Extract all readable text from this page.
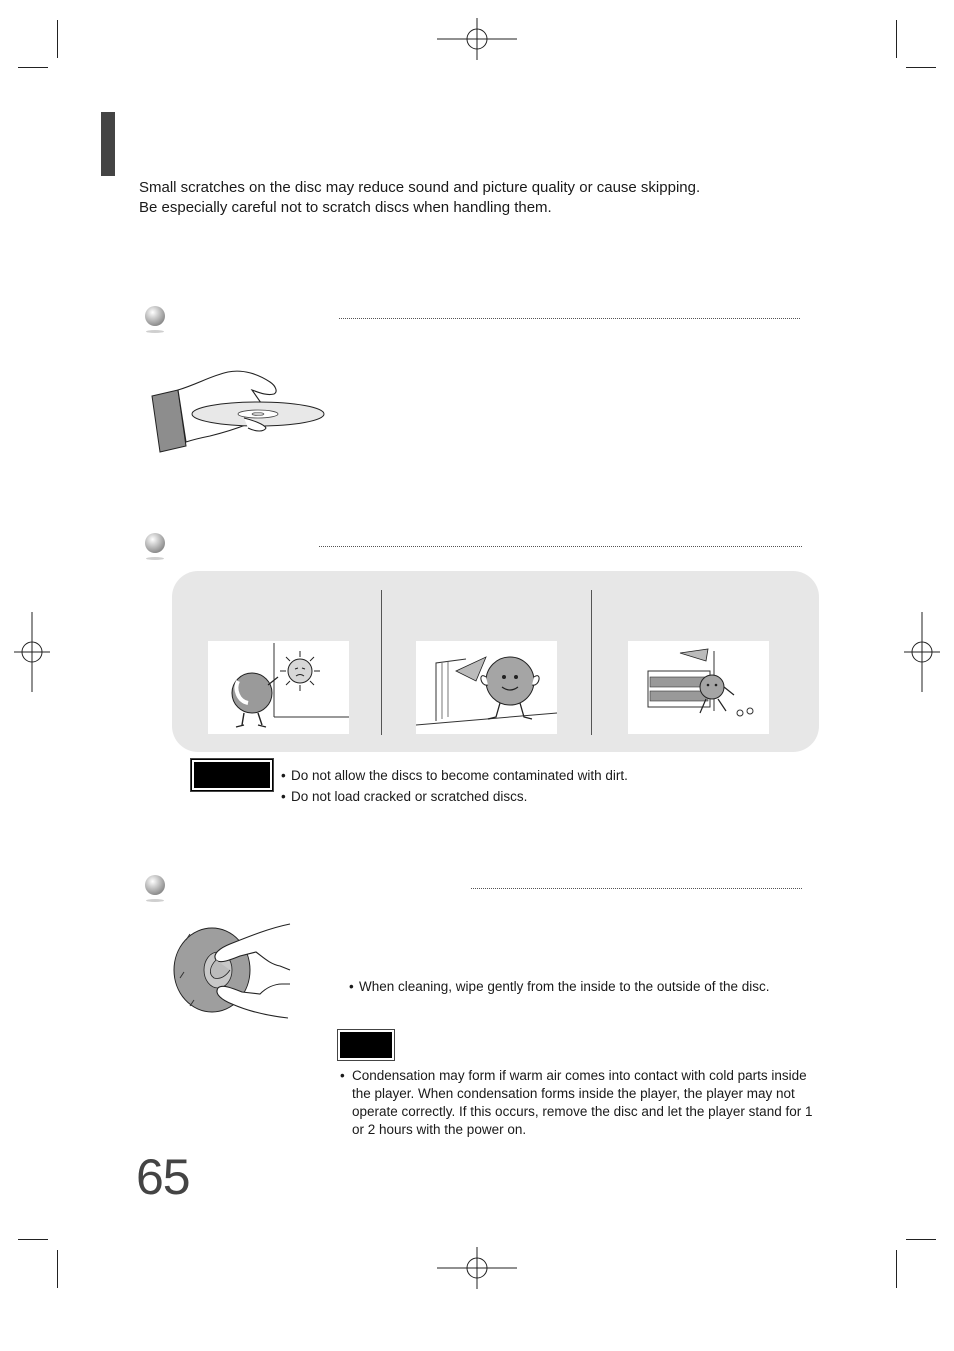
Small scratches on the disc may reduce sound and picture quality or cause skipping.
Be especially careful not to scratch discs when handling them.
• Do not allow the discs to become contaminated with dirt.
• Do not load cracked or scratched discs.
• When cleaning, wipe gently from the inside to the outside of the disc.
• Condensation may form if warm air comes into contact with cold parts inside the player. When condensation forms inside the player, the player may not operate correctly. If this occurs, remove the disc and let the player stand for 1 or 2 hours with the power on.
65
